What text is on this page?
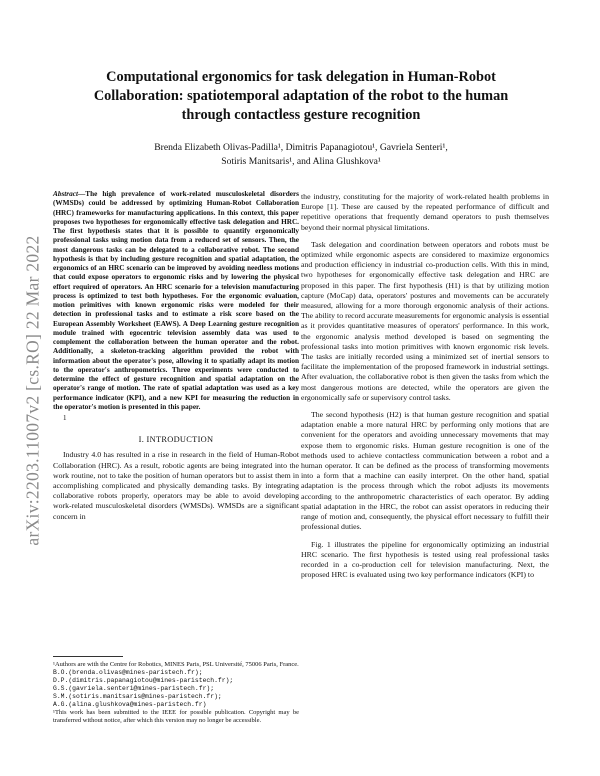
arXiv:2203.11007v2 [cs.RO] 22 Mar 2022
Computational ergonomics for task delegation in Human-Robot Collaboration: spatiotemporal adaptation of the robot to the human through contactless gesture recognition
Brenda Elizabeth Olivas-Padilla¹, Dimitris Papanagiotou¹, Gavriela Senteri¹,
Sotiris Manitsaris¹, and Alina Glushkova¹
Abstract—The high prevalence of work-related musculoskeletal disorders (WMSDs) could be addressed by optimizing Human-Robot Collaboration (HRC) frameworks for manufacturing applications. In this context, this paper proposes two hypotheses for ergonomically effective task delegation and HRC. The first hypothesis states that it is possible to quantify ergonomically professional tasks using motion data from a reduced set of sensors. Then, the most dangerous tasks can be delegated to a collaborative robot. The second hypothesis is that by including gesture recognition and spatial adaptation, the ergonomics of an HRC scenario can be improved by avoiding needless motions that could expose operators to ergonomic risks and by lowering the physical effort required of operators. An HRC scenario for a television manufacturing process is optimized to test both hypotheses. For the ergonomic evaluation, motion primitives with known ergonomic risks were modeled for their detection in professional tasks and to estimate a risk score based on the European Assembly Worksheet (EAWS). A Deep Learning gesture recognition module trained with egocentric television assembly data was used to complement the collaboration between the human operator and the robot. Additionally, a skeleton-tracking algorithm provided the robot with information about the operator's pose, allowing it to spatially adapt its motion to the operator's anthropometrics. Three experiments were conducted to determine the effect of gesture recognition and spatial adaptation on the operator's range of motion. The rate of spatial adaptation was used as a key performance indicator (KPI), and a new KPI for measuring the reduction in the operator's motion is presented in this paper.
1
I. INTRODUCTION

Industry 4.0 has resulted in a rise in research in the field of Human-Robot Collaboration (HRC). As a result, robotic agents are being integrated into the work routine, not to take the position of human operators but to assist them in accomplishing complicated and physically demanding tasks. By integrating collaborative robots properly, operators may be able to avoid developing work-related musculoskeletal disorders (WMSDs). WMSDs are a significant concern in

¹Authors are with the Centre for Robotics, MINES Paris, PSL Université, 75006 Paris, France.
B.O.(brenda.olivas@mines-paristech.fr);
D.P.(dimitris.papanagiotou@mines-paristech.fr);
G.S.(gavriela.senteri@mines-paristech.fr);
S.M.(sotiris.manitsaris@mines-paristech.fr);
A.G.(alina.glushkova@mines-paristech.fr)
¹This work has been submitted to the IEEE for possible publication. Copyright may be transferred without notice, after which this version may no longer be accessible.

the industry, constituting for the majority of work-related health problems in Europe [1]. These are caused by the repeated performance of difficult and repetitive operations that frequently demand operators to push themselves beyond their normal physical limitations.

Task delegation and coordination between operators and robots must be optimized while ergonomic aspects are considered to maximize ergonomics and production efficiency in industrial co-production cells. With this in mind, two hypotheses for ergonomically effective task delegation and HRC are proposed in this paper. The first hypothesis (H1) is that by utilizing motion capture (MoCap) data, operators' postures and movements can be accurately measured, allowing for a more thorough ergonomic analysis of their actions. The ability to record accurate measurements for ergonomic analysis is essential as it provides quantitative measures of operators' performance. In this work, the ergonomic analysis method developed is based on segmenting the professional tasks into motion primitives with known ergonomic risk levels. The tasks are initially recorded using a minimized set of inertial sensors to facilitate the implementation of the proposed framework in industrial settings. After evaluation, the collaborative robot is then given the tasks from which the most dangerous motions are detected, while the operators are given the ergonomically safe or supervisory control tasks.

The second hypothesis (H2) is that human gesture recognition and spatial adaptation enable a more natural HRC by performing only motions that are convenient for the operators and avoiding unnecessary movements that may expose them to ergonomic risks. Human gesture recognition is one of the methods used to achieve contactless communication between a robot and a human operator. It can be defined as the process of transforming movements into a form that a machine can easily interpret. On the other hand, spatial adaptation is the process through which the robot adjusts its movements according to the anthropometric characteristics of each operator. By adding spatial adaptation in the HRC, the robot can assist operators in reducing their range of motion and, consequently, the physical effort necessary to fulfill their professional duties.

Fig. 1 illustrates the pipeline for ergonomically optimizing an industrial HRC scenario. The first hypothesis is tested using real professional tasks recorded in a co-production cell for television manufacturing. Next, the proposed HRC is evaluated using two key performance indicators (KPI) to
